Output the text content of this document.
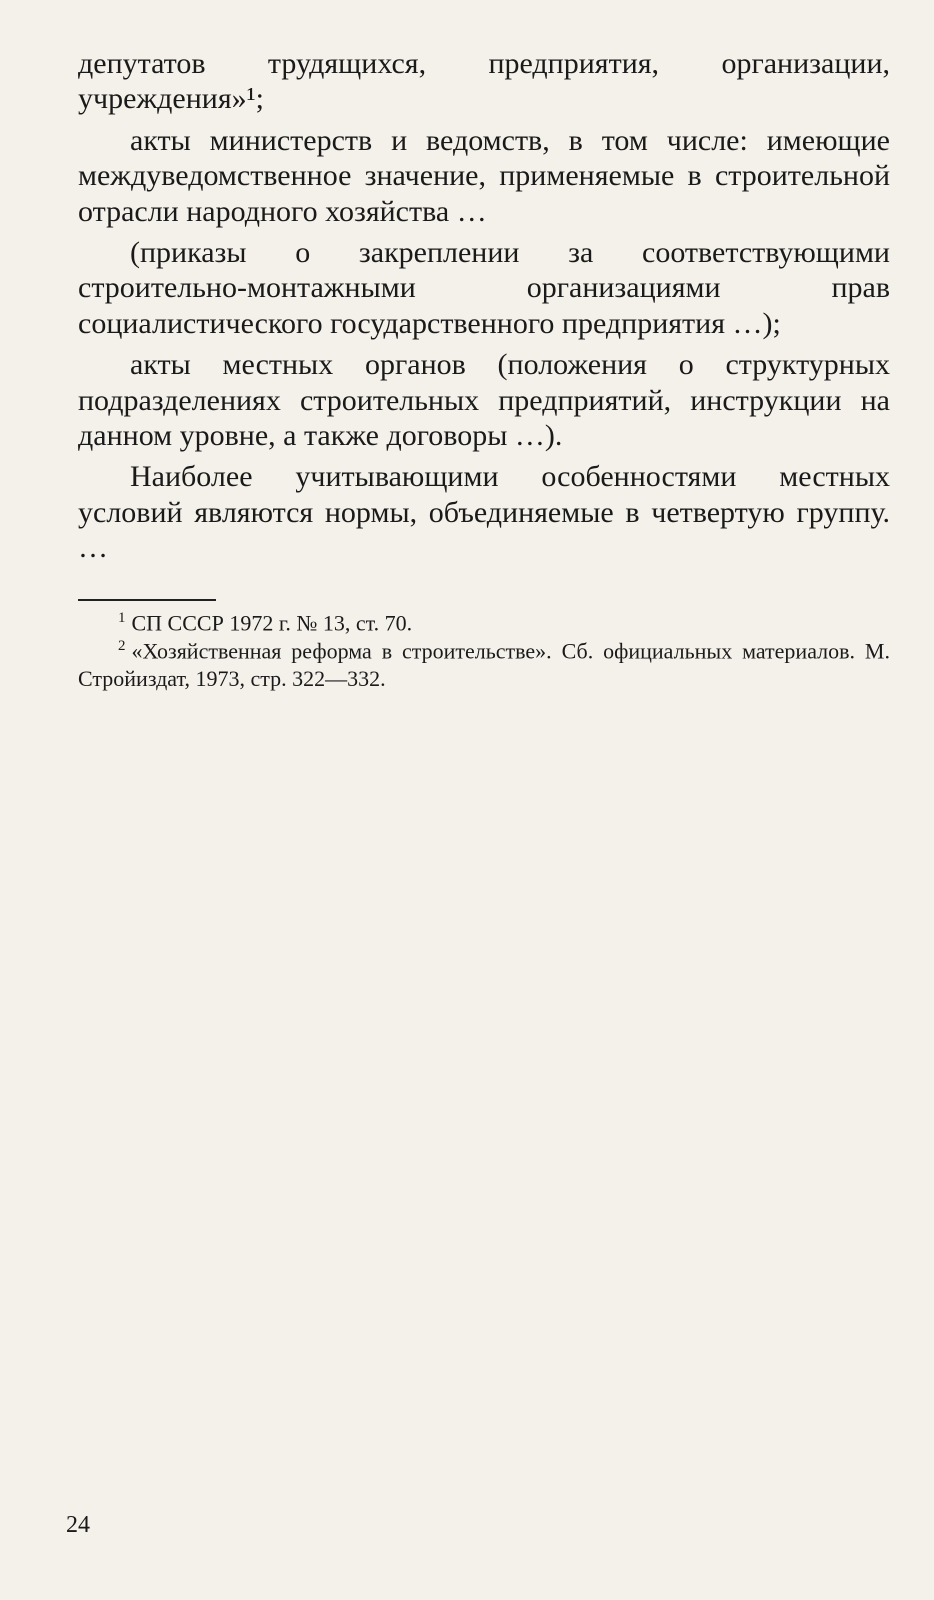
депутатов трудящихся, предприятия, организации, учреждения»¹;

акты министерств и ведомств, в том числе: имеющие междуведомственное значение, применяемые в строительной отрасли народного хозяйства …

(приказы о закреплении за соответствующими строительно-монтажными организациями прав социалистического государственного предприятия …);

акты местных органов (положения о структурных подразделениях строительных предприятий, инструкции на данном уровне, а также договоры …).

Наиболее учитывающими особенностями местных условий являются нормы, объединяемые в четвертую группу. …

$^1$ СП СССР 1972 г. № 13, ст. 70.

$^2$ «Хозяйственная реформа в строительстве». Сб. официальных материалов. М. Стройиздат, 1973, стр. 322—332.

24
